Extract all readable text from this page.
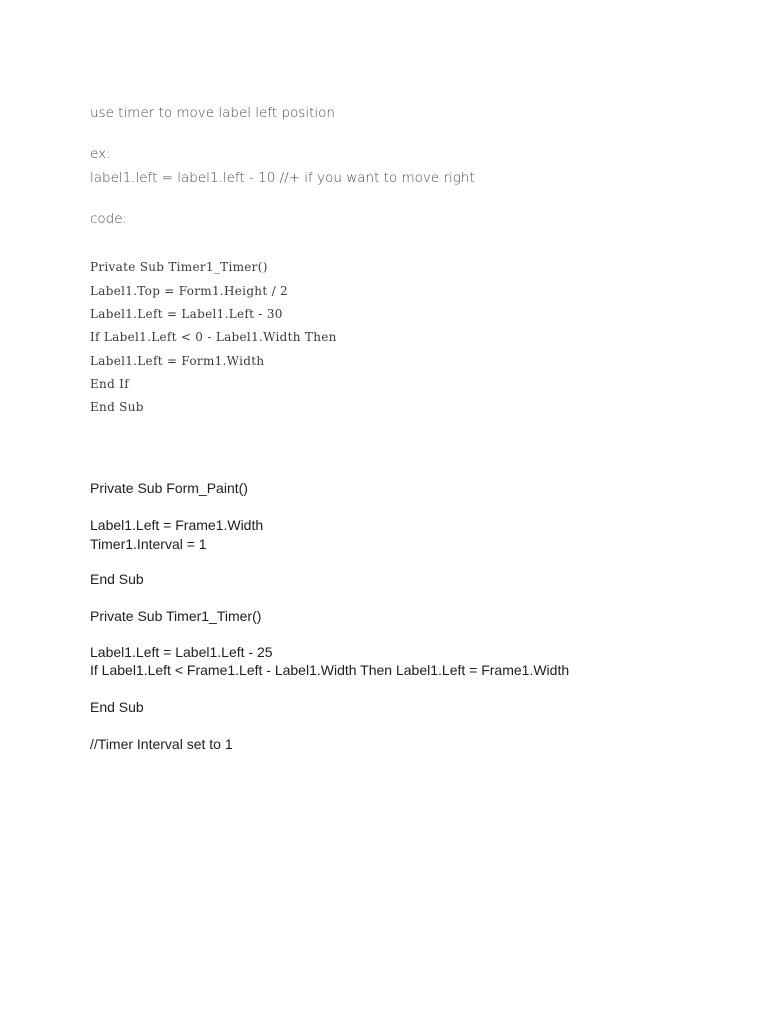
use timer to move label left position

ex:

label1.left = label1.left - 10 //+ if you want to move right

code:

Private Sub Timer1_Timer()

Label1.Top = Form1.Height / 2

Label1.Left = Label1.Left - 30

If Label1.Left < 0 - Label1.Width Then

Label1.Left = Form1.Width

End If

End Sub

Private Sub Form_Paint()

Label1.Left = Frame1.Width

Timer1.Interval = 1

End Sub

Private Sub Timer1_Timer()

Label1.Left = Label1.Left - 25

If Label1.Left < Frame1.Left - Label1.Width Then Label1.Left = Frame1.Width

End Sub

//Timer Interval set to 1
